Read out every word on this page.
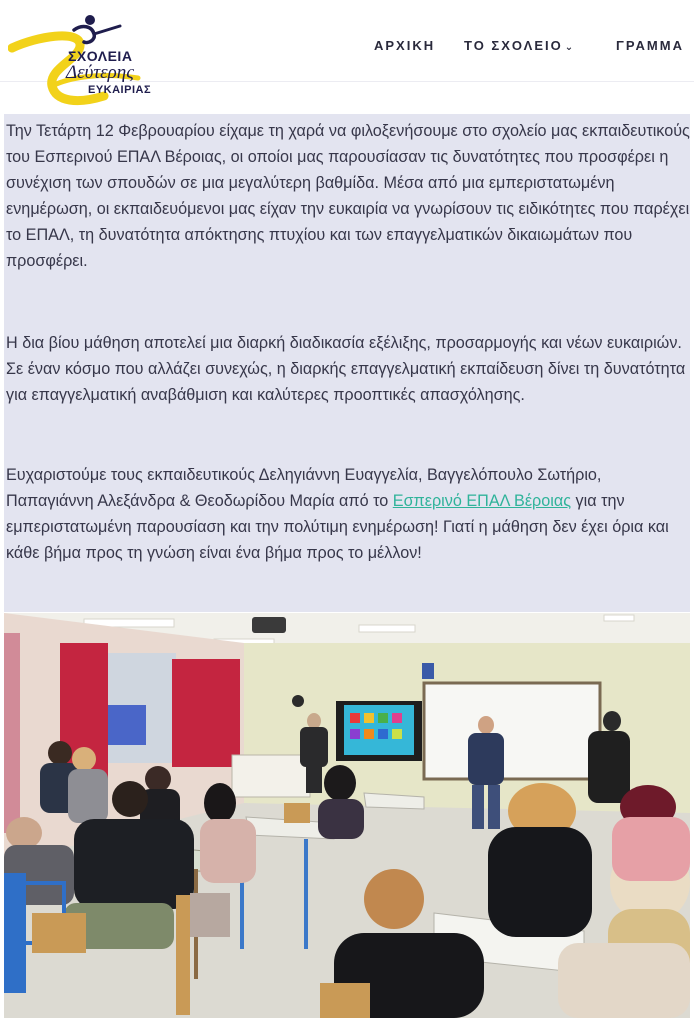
ΣΧΟΛΕΙΑ
Δεύτερης
ΕΥΚΑΙΡΙΑΣ
ΑΡΧΙΚΗ ΤΟ ΣΧΟΛΕΙΟ ⌄	ΓΡΑΜΜΑ

Την Τετάρτη 12 Φεβρουαρίου είχαμε τη χαρά να φιλοξενήσουμε στο σχολείο μας εκπαιδευτικούς του Εσπερινού ΕΠΑΛ Βέροιας, οι οποίοι μας παρουσίασαν τις δυνατότητες που προσφέρει η συνέχιση των σπουδών σε μια μεγαλύτερη βαθμίδα. Μέσα από μια εμπεριστατωμένη ενημέρωση, οι εκπαιδευόμενοι μας είχαν την ευκαιρία να γνωρίσουν τις ειδικότητες που παρέχει το ΕΠΑΛ, τη δυνατότητα απόκτησης πτυχίου και των επαγγελματικών δικαιωμάτων που προσφέρει.

Η δια βίου μάθηση αποτελεί μια διαρκή διαδικασία εξέλιξης, προσαρμογής και νέων ευκαιριών. Σε έναν κόσμο που αλλάζει συνεχώς, η διαρκής επαγγελματική εκπαίδευση δίνει τη δυνατότητα για επαγγελματική αναβάθμιση και καλύτερες προοπτικές απασχόλησης.

Ευχαριστούμε τους εκπαιδευτικούς Δεληγιάννη Ευαγγελία, Βαγγελόπουλο Σωτήριο, Παπαγιάννη Αλεξάνδρα & Θεοδωρίδου Μαρία από το Εσπερινό ΕΠΑΛ Βέροιας για την εμπεριστατωμένη παρουσίαση και την πολύτιμη ενημέρωση! Γιατί η μάθηση δεν έχει όρια και κάθε βήμα προς τη γνώση είναι ένα βήμα προς το μέλλον!
